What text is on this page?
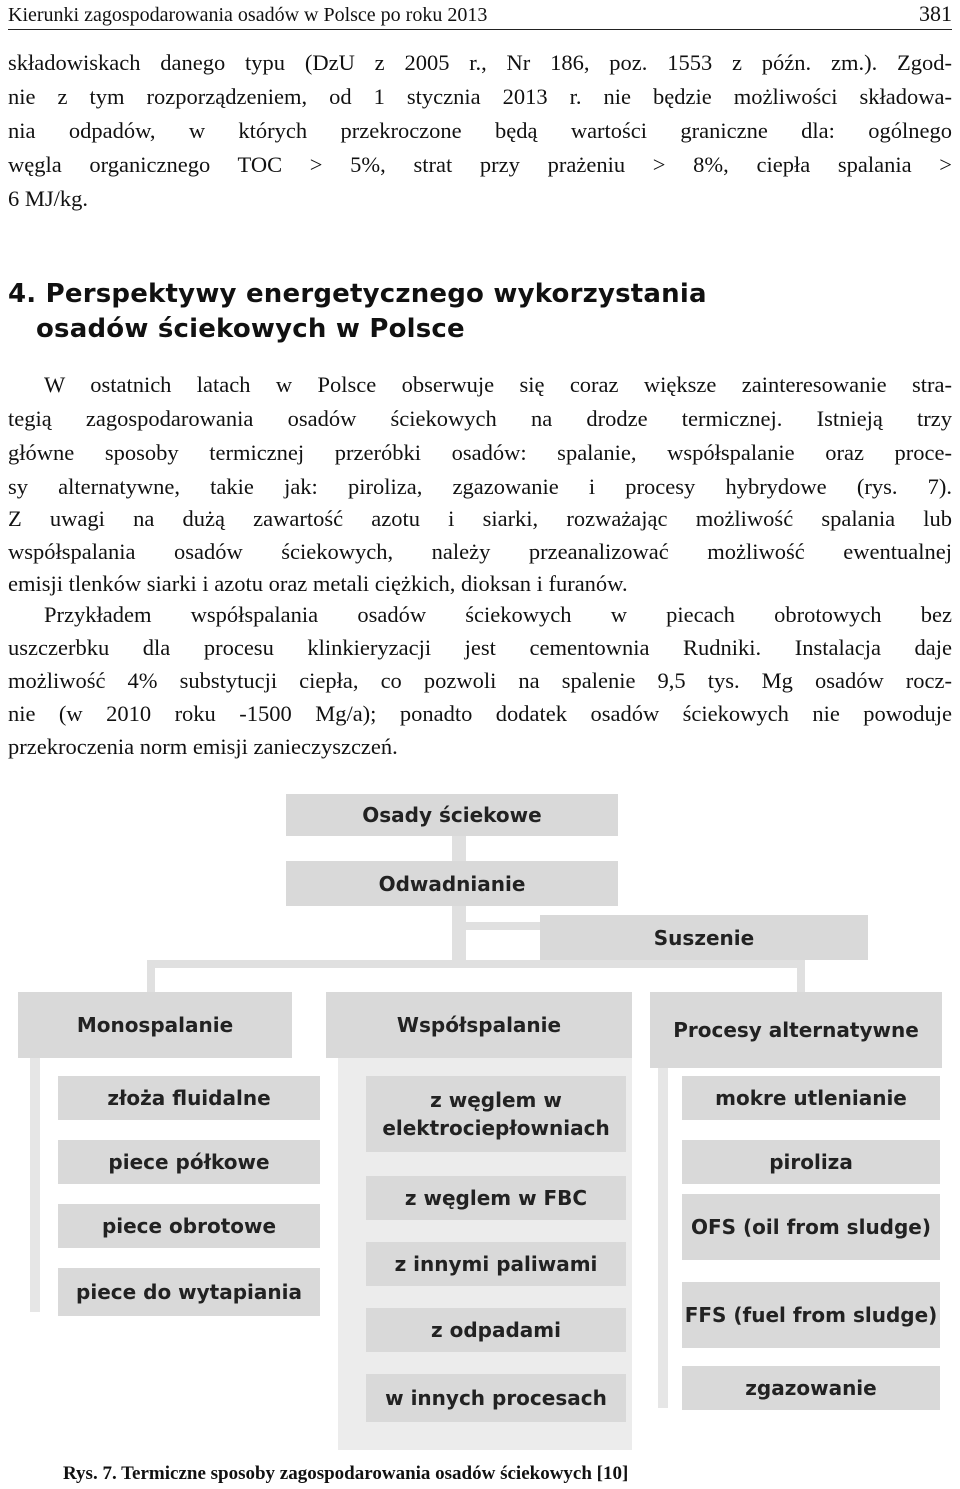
Kierunki zagospodarowania osadów w Polsce po roku 2013	381
składowiskach danego typu (DzU z 2005 r., Nr 186, poz. 1553 z późn. zm.). Zgod-
nie z tym rozporządzeniem, od 1 stycznia 2013 r. nie będzie możliwości składowa-
nia odpadów, w których przekroczone będą wartości graniczne dla: ogólnego
węgla organicznego TOC > 5%, strat przy prażeniu > 8%, ciepła spalania >
6 MJ/kg.
4. Perspektywy energetycznego wykorzystania
osadów ściekowych w Polsce
W ostatnich latach w Polsce obserwuje się coraz większe zainteresowanie stra-
tegią zagospodarowania osadów ściekowych na drodze termicznej. Istnieją trzy
główne sposoby termicznej przeróbki osadów: spalanie, współspalanie oraz proce-
sy alternatywne, takie jak: piroliza, zgazowanie i procesy hybrydowe (rys. 7).
Z uwagi na dużą zawartość azotu i siarki, rozważając możliwość spalania lub
współspalania osadów ściekowych, należy przeanalizować możliwość ewentualnej
emisji tlenków siarki i azotu oraz metali ciężkich, dioksan i furanów.
Przykładem współspalania osadów ściekowych w piecach obrotowych bez
uszczerbku dla procesu klinkieryzacji jest cementownia Rudniki. Instalacja daje
możliwość 4% substytucji ciepła, co pozwoli na spalenie 9,5 tys. Mg osadów rocz-
nie (w 2010 roku -1500 Mg/a); ponadto dodatek osadów ściekowych nie powoduje
przekroczenia norm emisji zanieczyszczeń.
Osady ściekowe
Odwadnianie
Suszenie
Monospalanie	Współspalanie	Procesy alternatywne
złoża fluidalne
piece półkowe
piece obrotowe
piece do wytapiania
z węglem w elektrociepłowniach
z węglem w FBC
z innymi paliwami
z odpadami
w innych procesach
mokre utlenianie
piroliza
OFS (oil from sludge)
FFS (fuel from sludge)
zgazowanie
Rys. 7. Termiczne sposoby zagospodarowania osadów ściekowych [10]
